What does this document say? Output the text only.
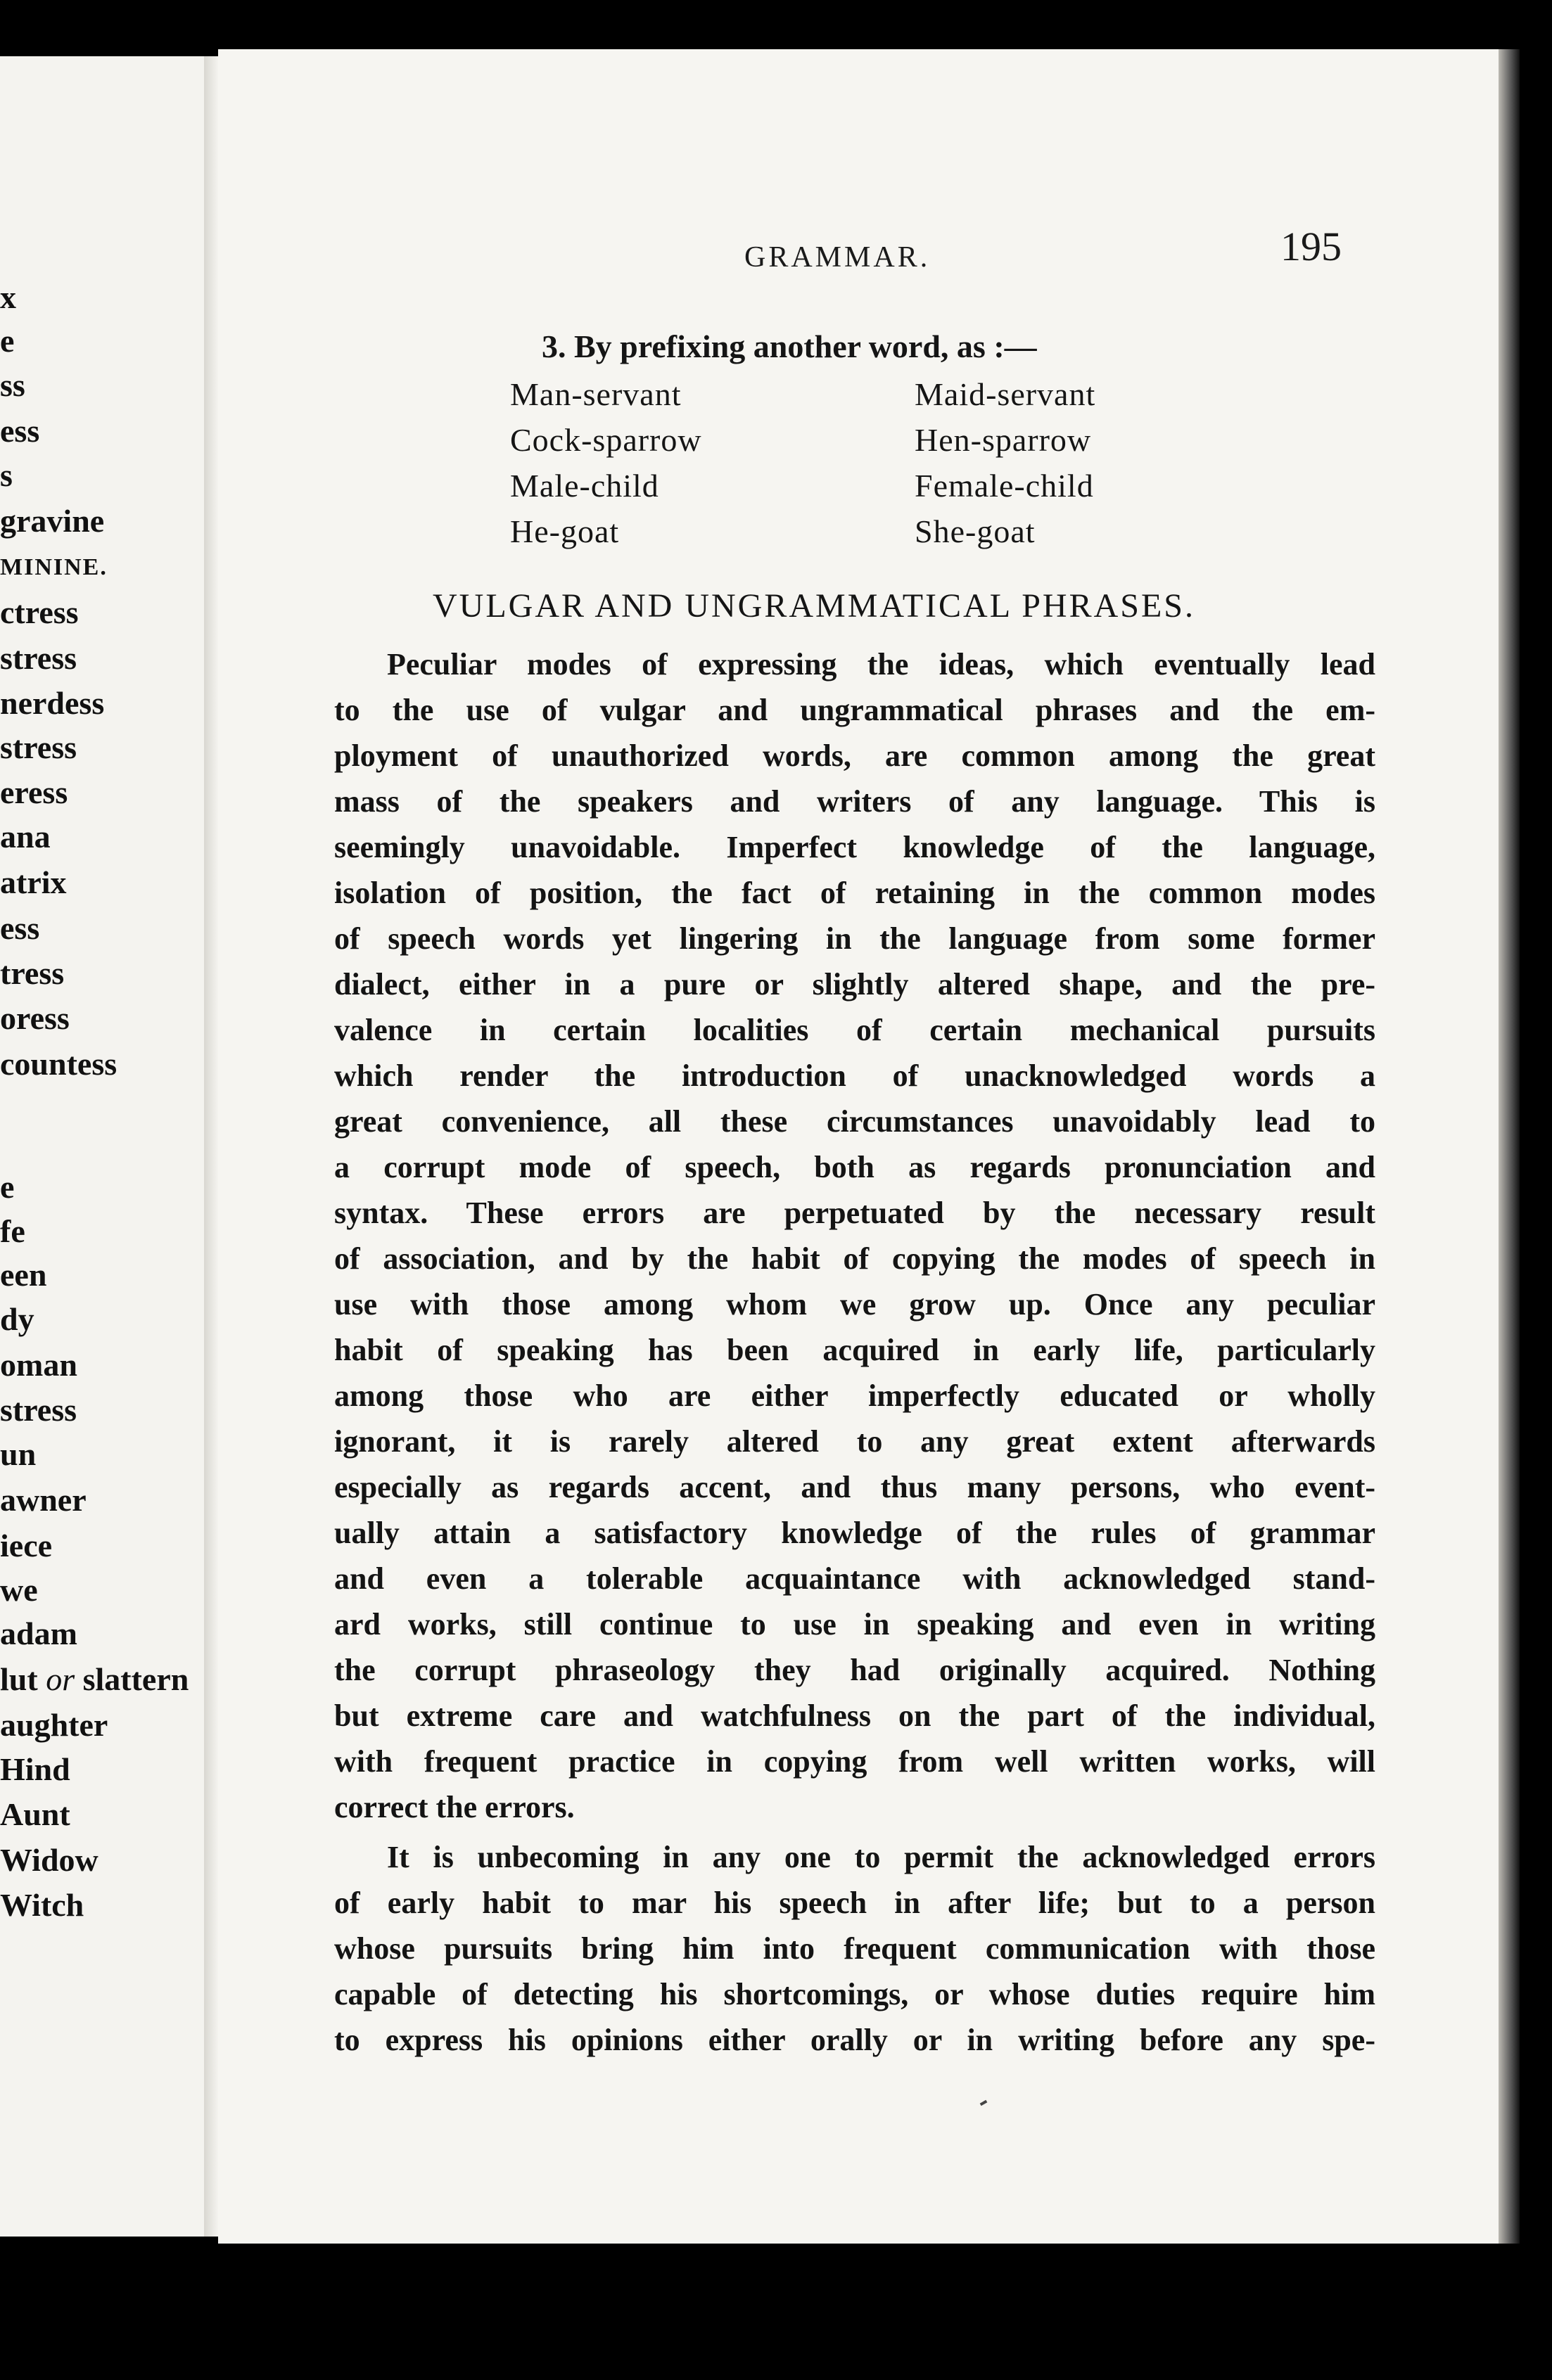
x
e
ss
ess
s
gravine
MININE.
ctress
stress
nerdess
stress
eress
ana
atrix
ess
tress
oress
countess
e
fe
een
dy
oman
stress
un
awner
iece
we
adam
lut or slattern
aughter
Hind
Aunt
Widow
Witch
GRAMMAR.	195
3. By prefixing another word, as :—
Man-servant	Maid-servant
Cock-sparrow	Hen-sparrow
Male-child	Female-child
He-goat	She-goat
VULGAR AND UNGRAMMATICAL PHRASES.
Peculiar modes of expressing the ideas, which eventually lead
to the use of vulgar and ungrammatical phrases and the em-
ployment of unauthorized words, are common among the great
mass of the speakers and writers of any language. This is
seemingly unavoidable. Imperfect knowledge of the language,
isolation of position, the fact of retaining in the common modes
of speech words yet lingering in the language from some former
dialect, either in a pure or slightly altered shape, and the pre-
valence in certain localities of certain mechanical pursuits
which render the introduction of unacknowledged words a
great convenience, all these circumstances unavoidably lead to
a corrupt mode of speech, both as regards pronunciation and
syntax. These errors are perpetuated by the necessary result
of association, and by the habit of copying the modes of speech in
use with those among whom we grow up. Once any peculiar
habit of speaking has been acquired in early life, particularly
among those who are either imperfectly educated or wholly
ignorant, it is rarely altered to any great extent afterwards
especially as regards accent, and thus many persons, who event-
ually attain a satisfactory knowledge of the rules of grammar
and even a tolerable acquaintance with acknowledged stand-
ard works, still continue to use in speaking and even in writing
the corrupt phraseology they had originally acquired. Nothing
but extreme care and watchfulness on the part of the individual,
with frequent practice in copying from well written works, will
correct the errors.
It is unbecoming in any one to permit the acknowledged errors
of early habit to mar his speech in after life; but to a person
whose pursuits bring him into frequent communication with those
capable of detecting his shortcomings, or whose duties require him
to express his opinions either orally or in writing before any spe-
